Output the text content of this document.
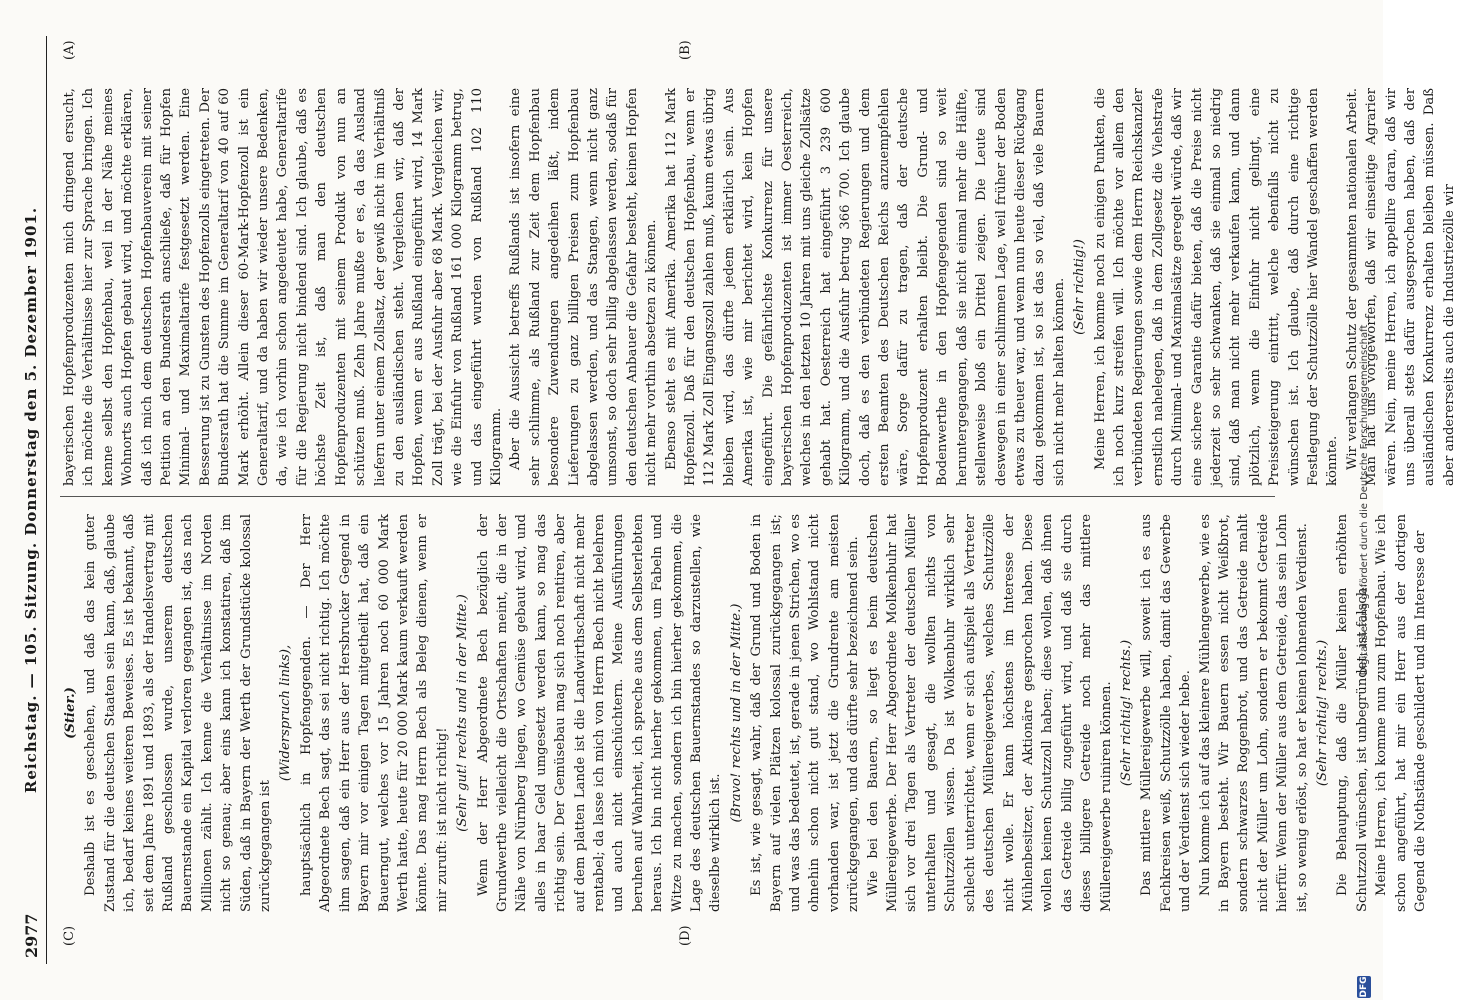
2977
Reichstag. — 105. Sitzung. Donnerstag den 5. Dezember 1901.
(A)	(B)
(C)	(D)

(Stier.) Deshalb ist es geschehen, und daß das kein guter Zustand für die deutschen Staaten sein kann, daß, glaube ich, bedarf keines weiteren Beweises. Es ist bekannt, daß seit dem Jahre 1891 und 1893, als der Handelsvertrag mit Rußland geschlossen wurde, unserem deutschen Bauernstande ein Kapital verloren gegangen ist, das nach Millionen zählt. Ich kenne die Verhältnisse im Norden nicht so genau; aber eins kann ich konstatiren, daß im Süden, daß in Bayern der Werth der Grundstücke kolossal zurückgegangen ist

(Widerspruch links), hauptsächlich in Hopfengegenden. — Der Herr Abgeordnete Bech sagt, das sei nicht richtig. Ich möchte ihm sagen, daß ein Herr aus der Hersbrucker Gegend in Bayern mir vor einigen Tagen mitgetheilt hat, daß ein Bauerngut, welches vor 15 Jahren noch 60 000 Mark Werth hatte, heute für 20 000 Mark kaum verkauft werden könnte. Das mag Herrn Bech als Beleg dienen, wenn er mir zuruft: ist nicht richtig! (Sehr gut! rechts und in der Mitte.) Wenn der Herr Abgeordnete Bech bezüglich der Grundwerthe vielleicht die Ortschaften meint, die in der Nähe von Nürnberg liegen, wo Gemüse gebaut wird, und alles in baar Geld umgesetzt werden kann, so mag das richtig sein. Der Gemüsebau mag sich noch rentiren, aber auf dem platten Lande ist die Landwirthschaft nicht mehr rentabel; da lasse ich mich von Herrn Bech nicht belehren und auch nicht einschüchtern. Meine Ausführungen beruhen auf Wahrheit, ich spreche aus dem Selbsterlebten heraus. Ich bin nicht hierher gekommen, um Fabeln und Witze zu machen, sondern ich bin hierher gekommen, die Lage des deutschen Bauernstandes so darzustellen, wie dieselbe wirklich ist.

(Bravo! rechts und in der Mitte.) Es ist, wie gesagt, wahr, daß der Grund und Boden in Bayern auf vielen Plätzen kolossal zurückgegangen ist; und was das bedeutet, ist, gerade in jenen Strichen, wo es ohnehin schon nicht gut stand, wo Wohlstand nicht vorhanden war, ist jetzt die Grundrente am meisten zurückgegangen, und das dürfte sehr bezeichnend sein. Wie bei den Bauern, so liegt es beim deutschen Müllereigewerbe. Der Herr Abgeordnete Molkenbuhr hat sich vor drei Tagen als Vertreter der deutschen Müller unterhalten und gesagt, die wollten nichts von Schutzzöllen wissen. Da ist Wolkenbuhr wirklich sehr schlecht unterrichtet, wenn er sich aufspielt als Vertreter des deutschen Müllereigewerbes, welches Schutzzölle nicht wolle. Er kann höchstens im Interesse der Mühlenbesitzer, der Aktionäre gesprochen haben. Diese wollen keinen Schutzzoll haben; diese wollen, daß ihnen das Getreide billig zugeführt wird, und daß sie durch dieses billigere Getreide noch mehr das mittlere Müllereigewerbe ruiniren können. (Sehr richtig! rechts.) Das mittlere Müllereigewerbe will, soweit ich es aus Fachkreisen weiß, Schutzzölle haben, damit das Gewerbe und der Verdienst sich wieder hebe. Nun komme ich auf das kleinere Mühlengewerbe, wie es in Bayern besteht. Wir Bauern essen nicht Weißbrot, sondern schwarzes Roggenbrot, und das Getreide mahlt nicht der Müller um Lohn, sondern er bekommt Getreide hierfür. Wenn der Müller aus dem Getreide, das sein Lohn ist, so wenig erlöst, so hat er keinen lohnenden Verdienst. (Sehr richtig! rechts.) Die Behauptung, daß die Müller keinen erhöhten Schutzzoll wünschen, ist unbegründet, ist falsch. Meine Herren, ich komme nun zum Hopfenbau. Wie ich schon angeführt, hat mir ein Herr aus der dortigen Gegend die Nothstände geschildert und im Interesse der

bayerischen Hopfenproduzenten mich dringend ersucht, ich möchte die Verhältnisse hier zur Sprache bringen. Ich kenne selbst den Hopfenbau, weil in der Nähe meines Wohnorts auch Hopfen gebaut wird, und möchte erklären, daß ich mich dem deutschen Hopfenbauverein mit seiner Petition an den Bundesrath anschließe, daß für Hopfen Minimal- und Maximaltarife festgesetzt werden. Eine Besserung ist zu Gunsten des Hopfenzolls eingetreten. Der Bundesrath hat die Summe im Generaltarif von 40 auf 60 Mark erhöht. Allein dieser 60-Mark-Hopfenzoll ist ein Generaltarif, und da haben wir wieder unsere Bedenken, da, wie ich vorhin schon angedeutet habe, Generaltarife für die Regierung nicht bindend sind. Ich glaube, daß es höchste Zeit ist, daß man den deutschen Hopfenproduzenten mit seinem Produkt von nun an schützen muß. Zehn Jahre mußte er es, da das Ausland liefern unter einem Zollsatz, der gewiß nicht im Verhältniß zu den ausländischen steht. Vergleichen wir, daß der Hopfen, wenn er aus Rußland eingeführt wird, 14 Mark Zoll trägt, bei der Ausfuhr aber 68 Mark. Vergleichen wir, wie die Einfuhr von Rußland 161 000 Kilogramm betrug, und das eingeführt wurden von Rußland 102 110 Kilogramm. Aber die Aussicht betreffs Rußlands ist insofern eine sehr schlimme, als Rußland zur Zeit dem Hopfenbau besondere Zuwendungen angedeihen läßt, indem Lieferungen zu ganz billigen Preisen zum Hopfenbau abgelassen werden, und das Stangen, wenn nicht ganz umsonst, so doch sehr billig abgelassen werden, sodaß für den deutschen Anbauer die Gefahr besteht, keinen Hopfen nicht mehr vorthin absetzen zu können. Ebenso steht es mit Amerika. Amerika hat 112 Mark Hopfenzoll. Daß für den deutschen Hopfenbau, wenn er 112 Mark Zoll Eingangszoll zahlen muß, kaum etwas übrig bleiben wird, das dürfte jedem erklärlich sein. Aus Amerika ist, wie mir berichtet wird, kein Hopfen eingeführt. Die gefährlichste Konkurrenz für unsere bayerischen Hopfenproduzenten ist immer Oesterreich, welches in den letzten 10 Jahren mit uns gleiche Zollsätze gehabt hat. Oesterreich hat eingeführt 3 239 600 Kilogramm, und die Ausfuhr betrug 366 700. Ich glaube doch, daß es den verbündeten Regierungen und dem ersten Beamten des Deutschen Reichs anzuempfehlen wäre, Sorge dafür zu tragen, daß der deutsche Hopfenproduzent erhalten bleibt. Die Grund- und Bodenwerthe in den Hopfengegenden sind so weit heruntergegangen, daß sie nicht einmal mehr die Hälfte, stellenweise bloß ein Drittel zeigen. Die Leute sind deswegen in einer schlimmen Lage, weil früher der Boden etwas zu theuer war, und wenn nun heute dieser Rückgang dazu gekommen ist, so ist das so viel, daß viele Bauern sich nicht mehr halten können. (Sehr richtig!) Meine Herren, ich komme noch zu einigen Punkten, die ich noch kurz streifen will. Ich möchte vor allem den verbündeten Regierungen sowie dem Herrn Reichskanzler ernstlich nahelegen, daß in dem Zollgesetz die Viehstrafe durch Minimal- und Maximalsätze geregelt würde, daß wir eine sichere Garantie dafür bieten, daß die Preise nicht jederzeit so sehr schwanken, daß sie einmal so niedrig sind, daß man nicht mehr verkaufen kann, und dann plötzlich, wenn die Einfuhr nicht gelingt, eine Preissteigerung eintritt, welche ebenfalls nicht zu wünschen ist. Ich glaube, daß durch eine richtige Festlegung der Schutzzölle hier Wandel geschaffen werden könnte. Wir verlangen Schutz der gesammten nationalen Arbeit. Man hat uns vorgeworfen, daß wir einseitige Agrarier wären. Nein, meine Herren, ich appellire daran, daß wir uns überall stets dafür ausgesprochen haben, daß der ausländischen Konkurrenz erhalten bleiben müssen. Daß aber andererseits auch die Industriezölle wir

DFG
Digitalisierung gefördert durch die Deutsche Forschungsgemeinschaft
